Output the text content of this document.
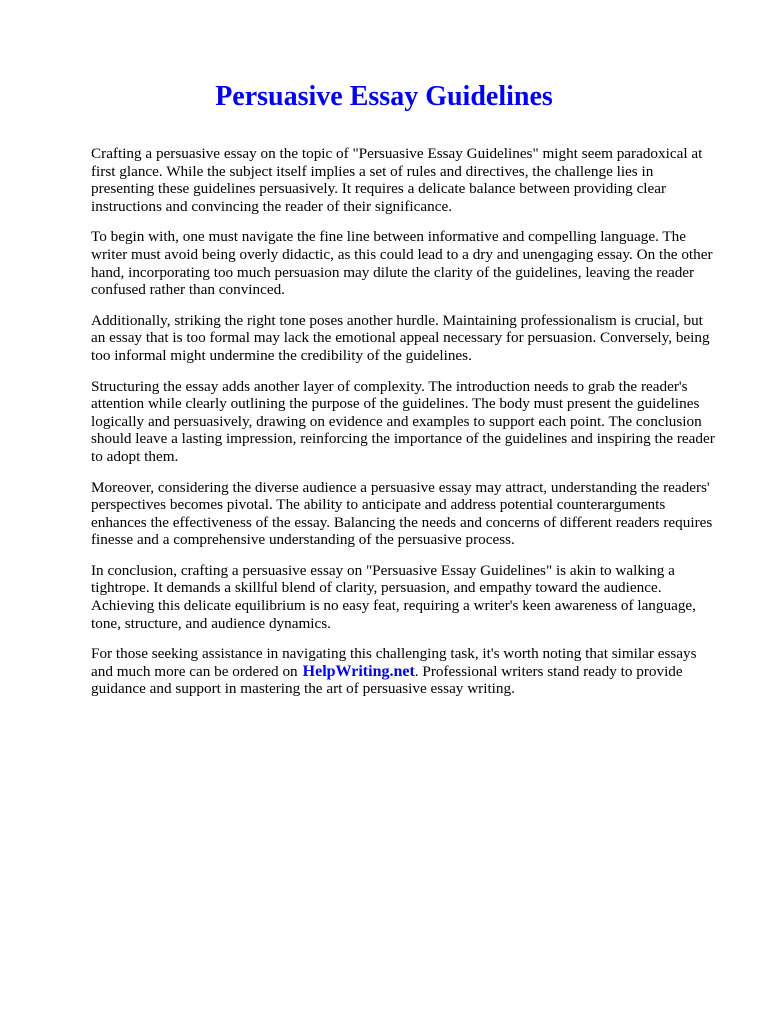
Persuasive Essay Guidelines

Crafting a persuasive essay on the topic of "Persuasive Essay Guidelines" might seem paradoxical at first glance. While the subject itself implies a set of rules and directives, the challenge lies in presenting these guidelines persuasively. It requires a delicate balance between providing clear instructions and convincing the reader of their significance.

To begin with, one must navigate the fine line between informative and compelling language. The writer must avoid being overly didactic, as this could lead to a dry and unengaging essay. On the other hand, incorporating too much persuasion may dilute the clarity of the guidelines, leaving the reader confused rather than convinced.

Additionally, striking the right tone poses another hurdle. Maintaining professionalism is crucial, but an essay that is too formal may lack the emotional appeal necessary for persuasion. Conversely, being too informal might undermine the credibility of the guidelines.

Structuring the essay adds another layer of complexity. The introduction needs to grab the reader's attention while clearly outlining the purpose of the guidelines. The body must present the guidelines logically and persuasively, drawing on evidence and examples to support each point. The conclusion should leave a lasting impression, reinforcing the importance of the guidelines and inspiring the reader to adopt them.

Moreover, considering the diverse audience a persuasive essay may attract, understanding the readers' perspectives becomes pivotal. The ability to anticipate and address potential counterarguments enhances the effectiveness of the essay. Balancing the needs and concerns of different readers requires finesse and a comprehensive understanding of the persuasive process.

In conclusion, crafting a persuasive essay on "Persuasive Essay Guidelines" is akin to walking a tightrope. It demands a skillful blend of clarity, persuasion, and empathy toward the audience. Achieving this delicate equilibrium is no easy feat, requiring a writer's keen awareness of language, tone, structure, and audience dynamics.

For those seeking assistance in navigating this challenging task, it's worth noting that similar essays and much more can be ordered on HelpWriting.net. Professional writers stand ready to provide guidance and support in mastering the art of persuasive essay writing.
